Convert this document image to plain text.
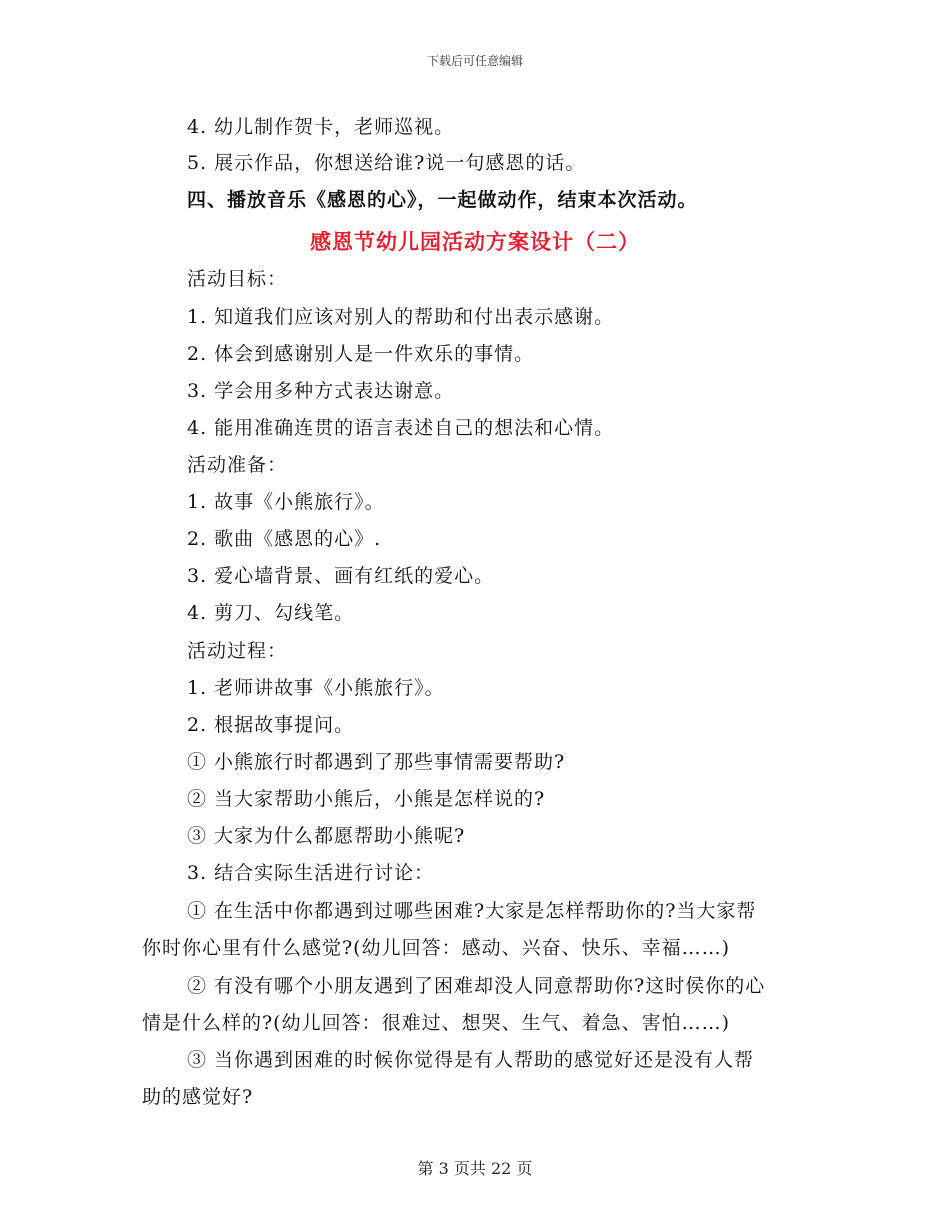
下载后可任意编辑
4. 幼儿制作贺卡，老师巡视。
5. 展示作品，你想送给谁?说一句感恩的话。
四、播放音乐《感恩的心》，一起做动作，结束本次活动。
感恩节幼儿园活动方案设计（二）
活动目标：
1. 知道我们应该对别人的帮助和付出表示感谢。
2. 体会到感谢别人是一件欢乐的事情。
3. 学会用多种方式表达谢意。
4. 能用准确连贯的语言表述自己的想法和心情。
活动准备：
1. 故事《小熊旅行》。
2. 歌曲《感恩的心》.
3. 爱心墙背景、画有红纸的爱心。
4. 剪刀、勾线笔。
活动过程：
1. 老师讲故事《小熊旅行》。
2. 根据故事提问。
① 小熊旅行时都遇到了那些事情需要帮助?
② 当大家帮助小熊后，小熊是怎样说的?
③ 大家为什么都愿帮助小熊呢?
3. 结合实际生活进行讨论：
① 在生活中你都遇到过哪些困难?大家是怎样帮助你的?当大家帮
你时你心里有什么感觉?(幼儿回答：感动、兴奋、快乐、幸福……)
② 有没有哪个小朋友遇到了困难却没人同意帮助你?这时侯你的心
情是什么样的?(幼儿回答：很难过、想哭、生气、着急、害怕……)
③ 当你遇到困难的时候你觉得是有人帮助的感觉好还是没有人帮
助的感觉好?
第 3 页共 22 页
